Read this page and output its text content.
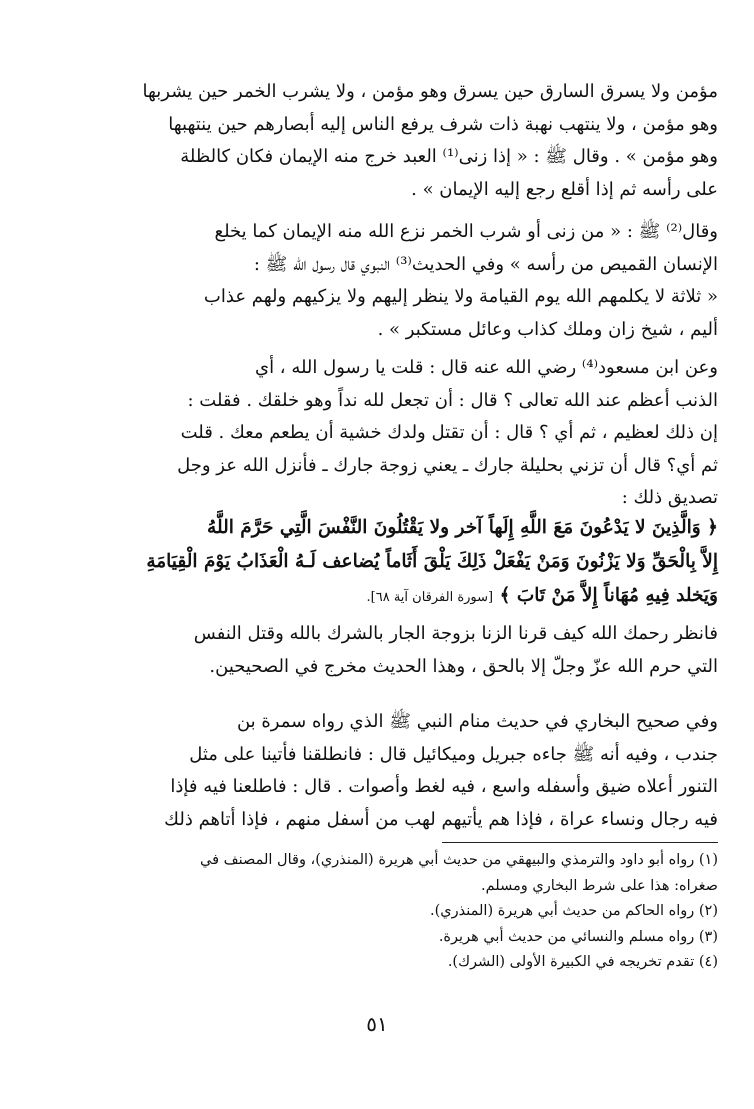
مؤمن ولا يسرق السارق حين يسرق وهو مؤمن ، ولا يشرب الخمر حين يشربها
وهو مؤمن ، ولا ينتهب نهبة ذات شرف يرفع الناس إليه أبصارهم حين ينتهبها
وهو مؤمن » . وقال ﷺ : « إذا زنى⁽¹⁾ العبد خرج منه الإيمان فكان كالظلة
على رأسه ثم إذا أقلع رجع إليه الإيمان » .

وقال⁽²⁾ ﷺ : « من زنى أو شرب الخمر نزع الله منه الإيمان كما يخلع
الإنسان القميص من رأسه » وفي الحديث⁽³⁾ النبوي قال رسول الله ﷺ :
« ثلاثة لا يكلمهم الله يوم القيامة ولا ينظر إليهم ولا يزكيهم ولهم عذاب
أليم ، شيخ زان وملك كذاب وعائل مستكبر » .

وعن ابن مسعود⁽⁴⁾ رضي الله عنه قال : قلت يا رسول الله ، أي
الذنب أعظم عند الله تعالى ؟ قال : أن تجعل لله نداً وهو خلقك . فقلت :
إن ذلك لعظيم ، ثم أي ؟ قال : أن تقتل ولدك خشية أن يطعم معك . قلت
ثم أي؟ قال أن تزني بحليلة جارك ـ يعني زوجة جارك ـ فأنزل الله عز وجل
تصديق ذلك :

﴿ وَالَّذِينَ لا يَدْعُونَ مَعَ اللَّهِ إِلَهاً آخر ولا يَقْتُلُونَ النَّفْسَ الَّتِي حَرَّمَ اللَّهُ
إِلاَّ بِالْحَقِّ وَلا يَزْنُونَ وَمَنْ يَفْعَلْ ذَلِكَ يَلْقَ أَثَاماً يُضاعف لَـهُ الْعَذَابُ يَوْمَ الْقِيَامَةِ
وَيَخلد فِيهِ مُهَاناً إِلاَّ مَنْ تَابَ ﴾ [سورة الفرقان آية ٦٨].

فانظر رحمك الله كيف قرنا الزنا بزوجة الجار بالشرك بالله وقتل النفس
التي حرم الله عزّ وجلّ إلا بالحق ، وهذا الحديث مخرج في الصحيحين.

وفي صحيح البخاري في حديث منام النبي ﷺ الذي رواه سمرة بن
جندب ، وفيه أنه ﷺ جاءه جبريل وميكائيل قال : فانطلقنا فأتينا على مثل
التنور أعلاه ضيق وأسفله واسع ، فيه لغط وأصوات . قال : فاطلعنا فيه فإذا
فيه رجال ونساء عراة ، فإذا هم يأتيهم لهب من أسفل منهم ، فإذا أتاهم ذلك

(١) رواه أبو داود والترمذي والبيهقي من حديث أبي هريرة (المنذري)، وقال المصنف في
صغراه: هذا على شرط البخاري ومسلم.
(٢) رواه الحاكم من حديث أبي هريرة (المنذري).
(٣) رواه مسلم والنسائي من حديث أبي هريرة.
(٤) تقدم تخريجه في الكبيرة الأولى (الشرك).
٥١
